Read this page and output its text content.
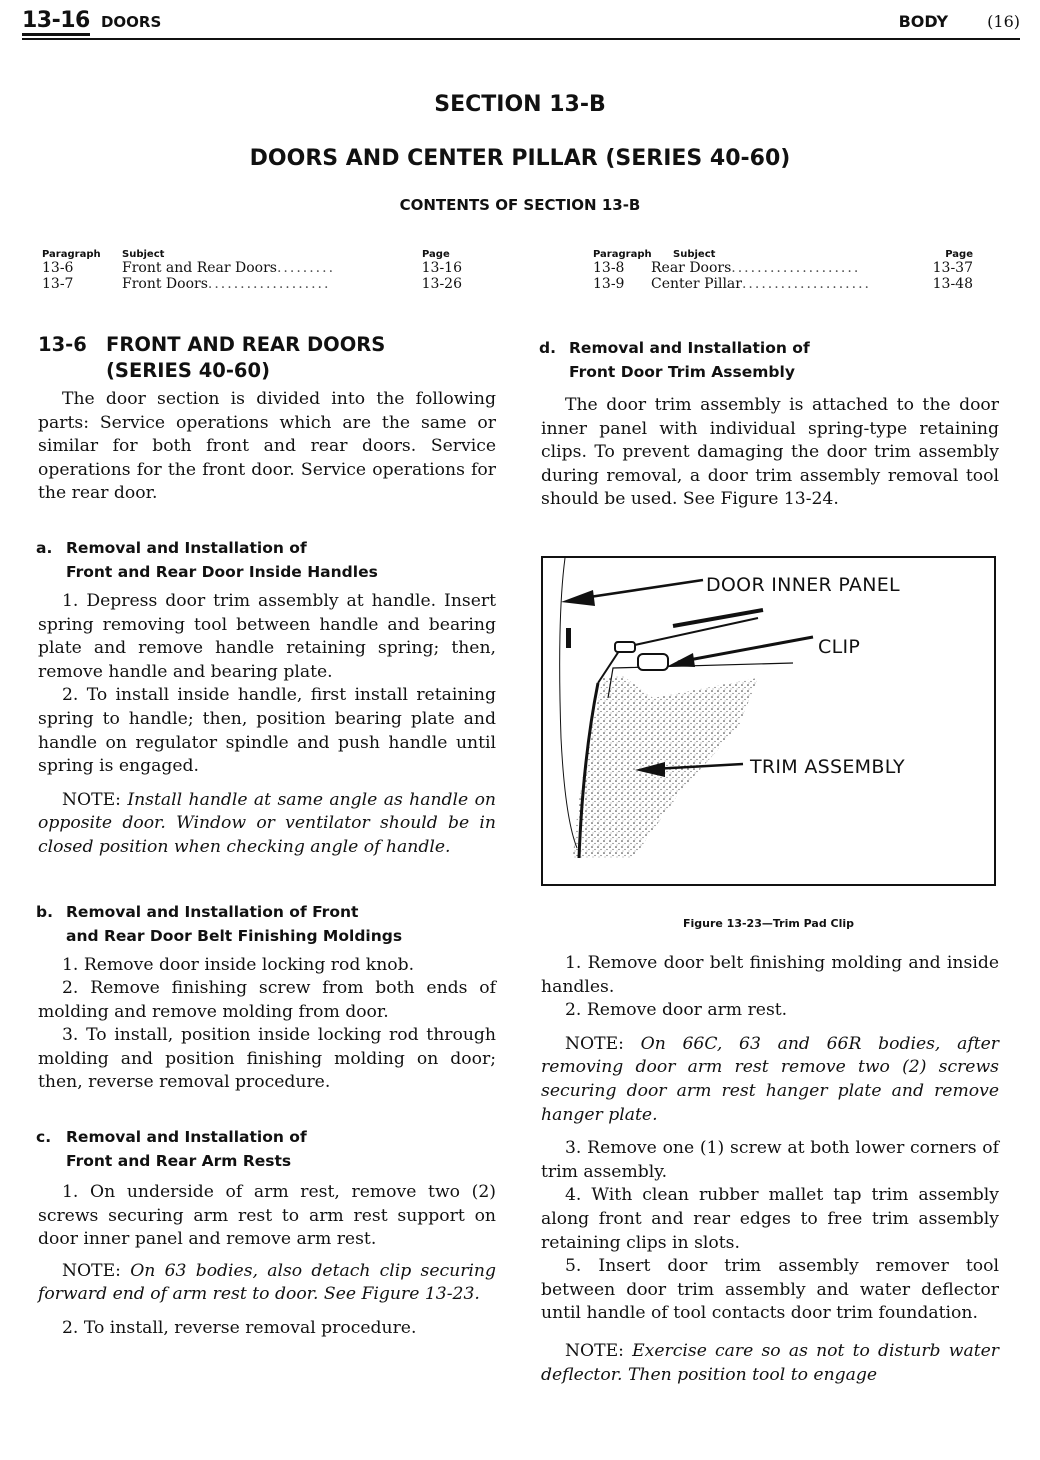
13-16 DOORS	BODY (16)
SECTION 13-B
DOORS AND CENTER PILLAR (SERIES 40-60)
CONTENTS OF SECTION 13-B
Paragraph	Subject	Page
13-6	Front and Rear Doors.........	13-16
13-7	Front Doors...................	13-26
Paragraph	Subject	Page
13-8	Rear Doors....................	13-37
13-9	Center Pillar....................	13-48
13-6 FRONT AND REAR DOORS
(SERIES 40-60)

The door section is divided into the following parts: Service operations which are the same or similar for both front and rear doors. Service operations for the front door. Service operations for the rear door.

a. Removal and Installation of
Front and Rear Door Inside Handles

1. Depress door trim assembly at handle. Insert spring removing tool between handle and bearing plate and remove handle retaining spring; then, remove handle and bearing plate.

2. To install inside handle, first install retaining spring to handle; then, position bearing plate and handle on regulator spindle and push handle until spring is engaged.

NOTE: Install handle at same angle as handle on opposite door. Window or ventilator should be in closed position when checking angle of handle.

b. Removal and Installation of Front
and Rear Door Belt Finishing Moldings

1. Remove door inside locking rod knob.

2. Remove finishing screw from both ends of molding and remove molding from door.

3. To install, position inside locking rod through molding and position finishing molding on door; then, reverse removal procedure.

c. Removal and Installation of
Front and Rear Arm Rests

1. On underside of arm rest, remove two (2) screws securing arm rest to arm rest support on door inner panel and remove arm rest.

NOTE: On 63 bodies, also detach clip securing forward end of arm rest to door. See Figure 13-23.

2. To install, reverse removal procedure.

d. Removal and Installation of
Front Door Trim Assembly

The door trim assembly is attached to the door inner panel with individual spring-type retaining clips. To prevent damaging the door trim assembly during removal, a door trim assembly removal tool should be used. See Figure 13-24.

DOOR INNER PANEL
CLIP
TRIM ASSEMBLY
Figure 13-23—Trim Pad Clip

1. Remove door belt finishing molding and inside handles.

2. Remove door arm rest.

NOTE: On 66C, 63 and 66R bodies, after removing door arm rest remove two (2) screws securing door arm rest hanger plate and remove hanger plate.

3. Remove one (1) screw at both lower corners of trim assembly.

4. With clean rubber mallet tap trim assembly along front and rear edges to free trim assembly retaining clips in slots.

5. Insert door trim assembly remover tool between door trim assembly and water deflector until handle of tool contacts door trim foundation.

NOTE: Exercise care so as not to disturb water deflector. Then position tool to engage
